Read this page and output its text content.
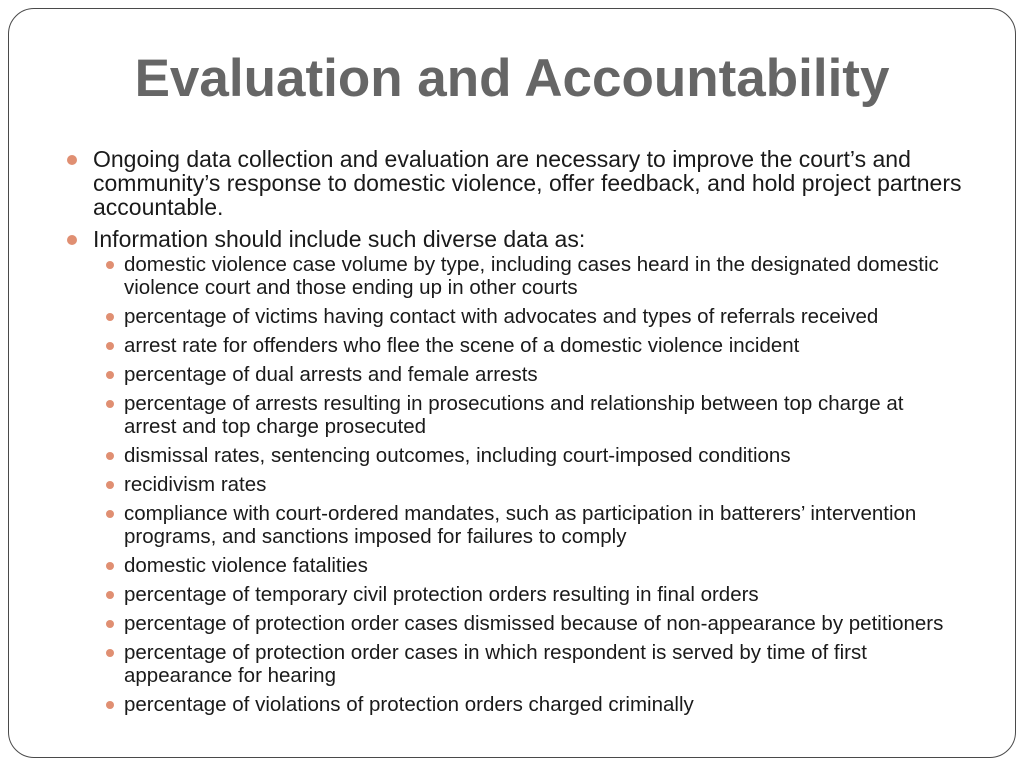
Evaluation and Accountability
Ongoing data collection and evaluation are necessary to improve the court’s and community’s response to domestic violence, offer feedback, and hold project partners accountable.
Information should include such diverse data as:
domestic violence case volume by type, including cases heard in the designated domestic violence court and those ending up in other courts
percentage of victims having contact with advocates and types of referrals received
arrest rate for offenders who flee the scene of a domestic violence incident
percentage of dual arrests and female arrests
percentage of arrests resulting in prosecutions and relationship between top charge at arrest and top charge prosecuted
dismissal rates, sentencing outcomes, including court-imposed conditions
recidivism rates
compliance with court-ordered mandates, such as participation in batterers’ intervention programs, and sanctions imposed for failures to comply
domestic violence fatalities
percentage of temporary civil protection orders resulting in final orders
percentage of protection order cases dismissed because of non-appearance by petitioners
percentage of protection order cases in which respondent is served by time of first appearance for hearing
percentage of violations of protection orders charged criminally
